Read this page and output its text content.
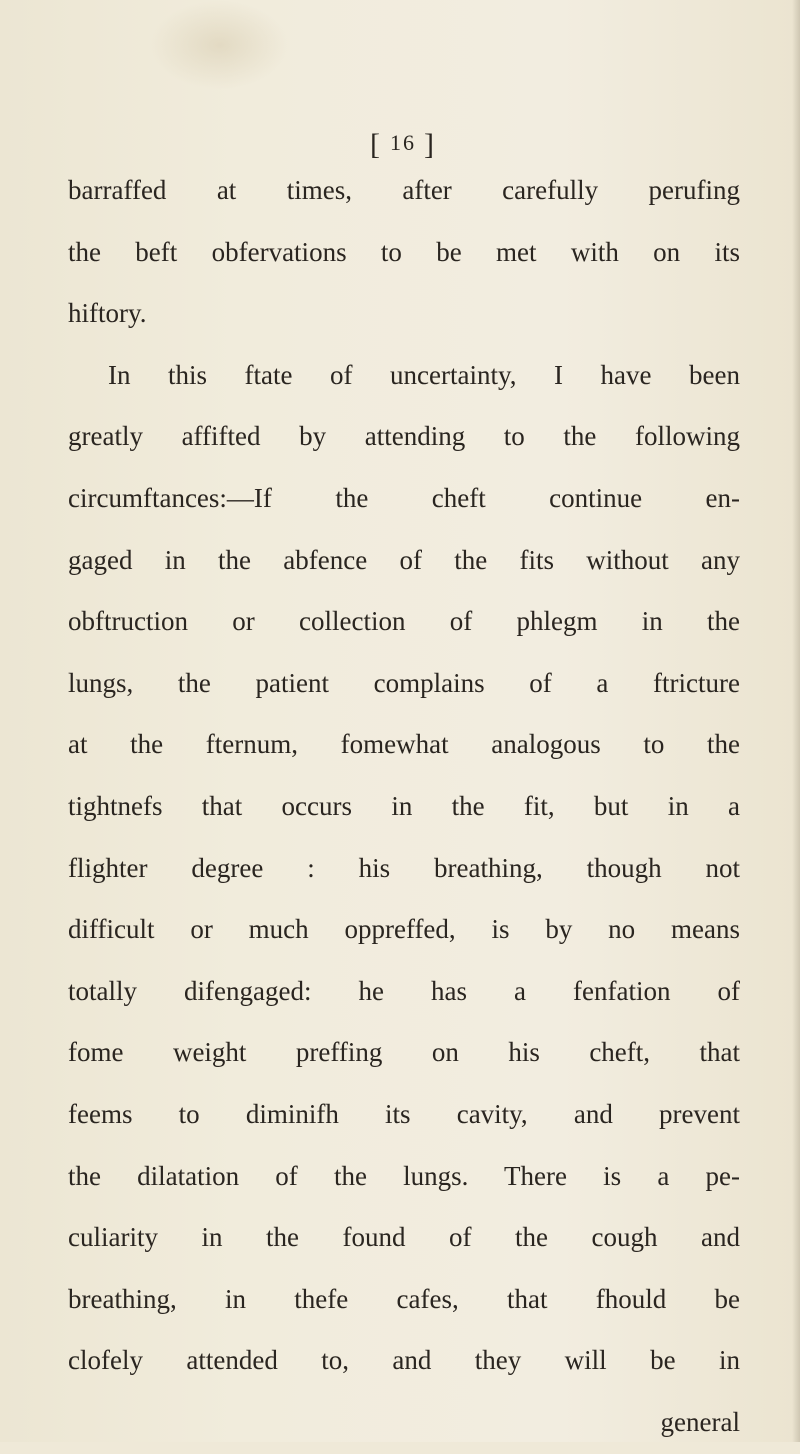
[ 16 ]
barraffed at times, after carefully perufing
the beft obfervations to be met with on its
hiftory.
In this ftate of uncertainty, I have been
greatly affifted by attending to the following
circumftances:—If the cheft continue en-
gaged in the abfence of the fits without any
obftruction or collection of phlegm in the
lungs, the patient complains of a ftricture
at the fternum, fomewhat analogous to the
tightnefs that occurs in the fit, but in a
flighter degree : his breathing, though not
difficult or much oppreffed, is by no means
totally difengaged: he has a fenfation of
fome weight preffing on his cheft, that
feems to diminifh its cavity, and prevent
the dilatation of the lungs. There is a pe-
culiarity in the found of the cough and
breathing, in thefe cafes, that fhould be
clofely attended to, and they will be in
general
